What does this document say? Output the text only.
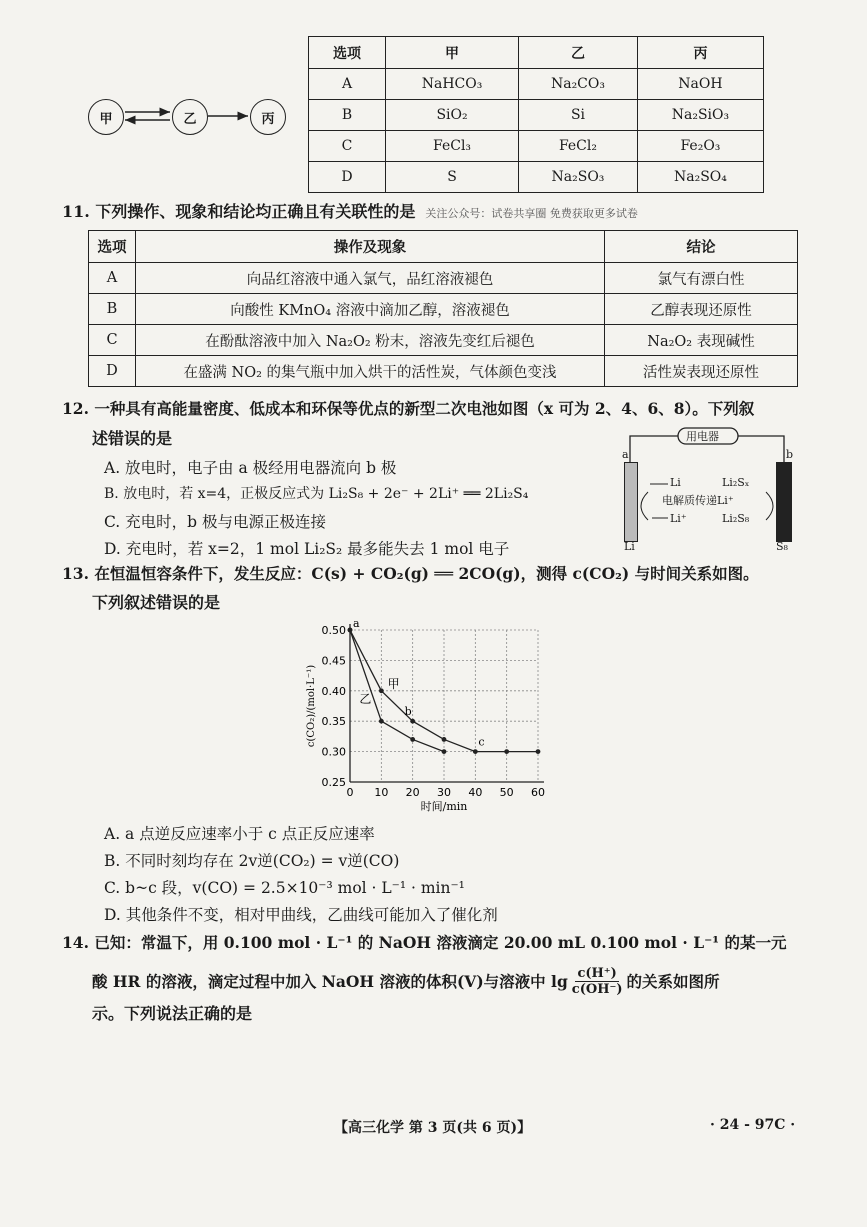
甲	乙	丙
选项	甲	乙	丙
A	NaHCO₃	Na₂CO₃	NaOH
B	SiO₂	Si	Na₂SiO₃
C	FeCl₃	FeCl₂	Fe₂O₃
D	S	Na₂SO₃	Na₂SO₄
11. 下列操作、现象和结论均正确且有关联性的是 关注公众号：试卷共享圈 免费获取更多试卷
选项	操作及现象	结论
A	向品红溶液中通入氯气，品红溶液褪色	氯气有漂白性
B	向酸性 KMnO₄ 溶液中滴加乙醇，溶液褪色	乙醇表现还原性
C	在酚酞溶液中加入 Na₂O₂ 粉末，溶液先变红后褪色	Na₂O₂ 表现碱性
D	在盛满 NO₂ 的集气瓶中加入烘干的活性炭，气体颜色变浅	活性炭表现还原性
12. 一种具有高能量密度、低成本和环保等优点的新型二次电池如图（x 可为 2、4、6、8）。下列叙
述错误的是
A. 放电时，电子由 a 极经用电器流向 b 极
B. 放电时，若 x=4，正极反应式为 Li₂S₈ + 2e⁻ + 2Li⁺ ══ 2Li₂S₄
C. 充电时，b 极与电源正极连接
D. 充电时，若 x=2，1 mol Li₂S₂ 最多能失去 1 mol 电子
用电器
a	b
Li	Li₂Sₓ
电解质传递Li⁺
Li⁺	Li₂S₈
Li	S₈
13. 在恒温恒容条件下，发生反应：C(s) + CO₂(g) ══ 2CO(g)，测得 c(CO₂) 与时间关系如图。
下列叙述错误的是
0 10 20 30 40 50 60
0.25
0.30
0.35
0.40
0.45
0.50
时间/min
c(CO₂)/(mol·L⁻¹)	甲
乙
a
b
c
A. a 点逆反应速率小于 c 点正反应速率
B. 不同时刻均存在 2v逆(CO₂) = v逆(CO)
C. b~c 段，v(CO) = 2.5×10⁻³ mol · L⁻¹ · min⁻¹
D. 其他条件不变，相对甲曲线，乙曲线可能加入了催化剂
14. 已知：常温下，用 0.100 mol · L⁻¹ 的 NaOH 溶液滴定 20.00 mL 0.100 mol · L⁻¹ 的某一元
酸 HR 的溶液，滴定过程中加入 NaOH 溶液的体积(V)与溶液中 lg c(H⁺)
c(OH⁻) 的关系如图所
示。下列说法正确的是
【高三化学 第 3 页(共 6 页)】	· 24 - 97C ·
